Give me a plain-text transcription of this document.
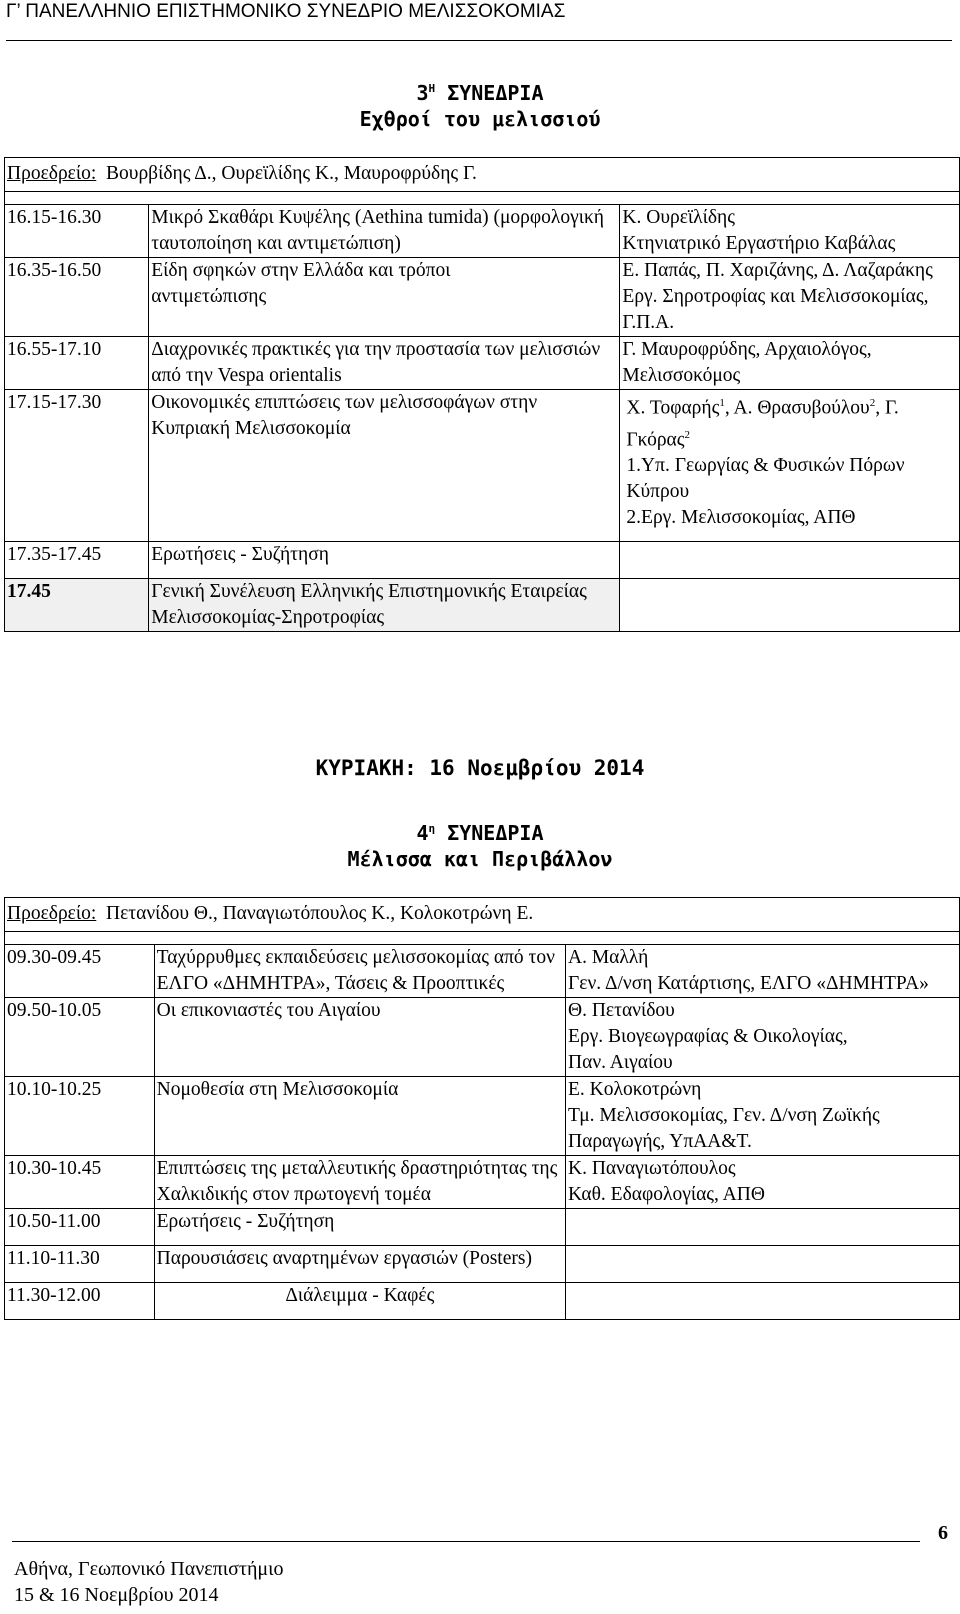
Γ’ ΠΑΝΕΛΛΗΝΙΟ ΕΠΙΣΤΗΜΟΝΙΚΟ ΣΥΝΕΔΡΙΟ ΜΕΛΙΣΣΟΚΟΜΙΑΣ
$3^H$ ΣΥΝΕΔΡΙΑ
Εχθροί του μελισσιού
Προεδρείο: Βουρβίδης Δ., Ουρεϊλίδης Κ., Μαυροφρύδης Γ.		

16.15-16.30	Μικρό Σκαθάρι Κυψέλης (Aethina tumida) (μορφολογική ταυτοποίηση και αντιμετώπιση)	Κ. Ουρεϊλίδης
Κτηνιατρικό Εργαστήριο Καβάλας

16.35-16.50	Είδη σφηκών στην Ελλάδα και τρόποι αντιμετώπισης	Ε. Παπάς, Π. Χαριζάνης, Δ. Λαζαράκης
Εργ. Σηροτροφίας και Μελισσοκομίας, Γ.Π.Α.

16.55-17.10	Διαχρονικές πρακτικές για την προστασία των μελισσιών από την Vespa orientalis	Γ. Μαυροφρύδης, Αρχαιολόγος, Μελισσοκόμος

17.15-17.30	Οικονομικές επιπτώσεις των μελισσοφάγων στην Κυπριακή Μελισσοκομία	Χ. Τοφαρής$^1$, Α. Θρασυβούλου$^2$, Γ. Γκόρας$^2$
1.Υπ. Γεωργίας & Φυσικών Πόρων Κύπρου
2.Εργ. Μελισσοκομίας, ΑΠΘ

17.35-17.45	Ερωτήσεις - Συζήτηση	
17.45	Γενική Συνέλευση Ελληνικής Επιστημονικής Εταιρείας Μελισσοκομίας-Σηροτροφίας	
ΚΥΡΙΑΚΗ: 16 Νοεμβρίου 2014
$4^\eta$ ΣΥΝΕΔΡΙΑ
Μέλισσα και Περιβάλλον
Προεδρείο: Πετανίδου Θ., Παναγιωτόπουλος Κ., Κολοκοτρώνη Ε.		

09.30-09.45	Ταχύρρυθμες εκπαιδεύσεις μελισσοκομίας από τον ΕΛΓΟ «ΔΗΜΗΤΡΑ», Τάσεις & Προοπτικές	Α. Μαλλή
Γεν. Δ/νση Κατάρτισης, ΕΛΓΟ «ΔΗΜΗΤΡΑ»

09.50-10.05	Οι επικονιαστές του Αιγαίου	Θ. Πετανίδου
Εργ. Βιογεωγραφίας & Οικολογίας, Παν. Αιγαίου

10.10-10.25	Νομοθεσία στη Μελισσοκομία	Ε. Κολοκοτρώνη
Τμ. Μελισσοκομίας, Γεν. Δ/νση Ζωϊκής Παραγωγής, ΥπΑΑ&Τ.

10.30-10.45	Επιπτώσεις της μεταλλευτικής δραστηριότητας της Χαλκιδικής στον πρωτογενή τομέα	Κ. Παναγιωτόπουλος
Καθ. Εδαφολογίας, ΑΠΘ

10.50-11.00	Ερωτήσεις - Συζήτηση	
11.10-11.30	Παρουσιάσεις αναρτημένων εργασιών (Posters)	
11.30-12.00	Διάλειμμα - Καφές	
6
Αθήνα, Γεωπονικό Πανεπιστήμιο
15 & 16 Νοεμβρίου 2014
